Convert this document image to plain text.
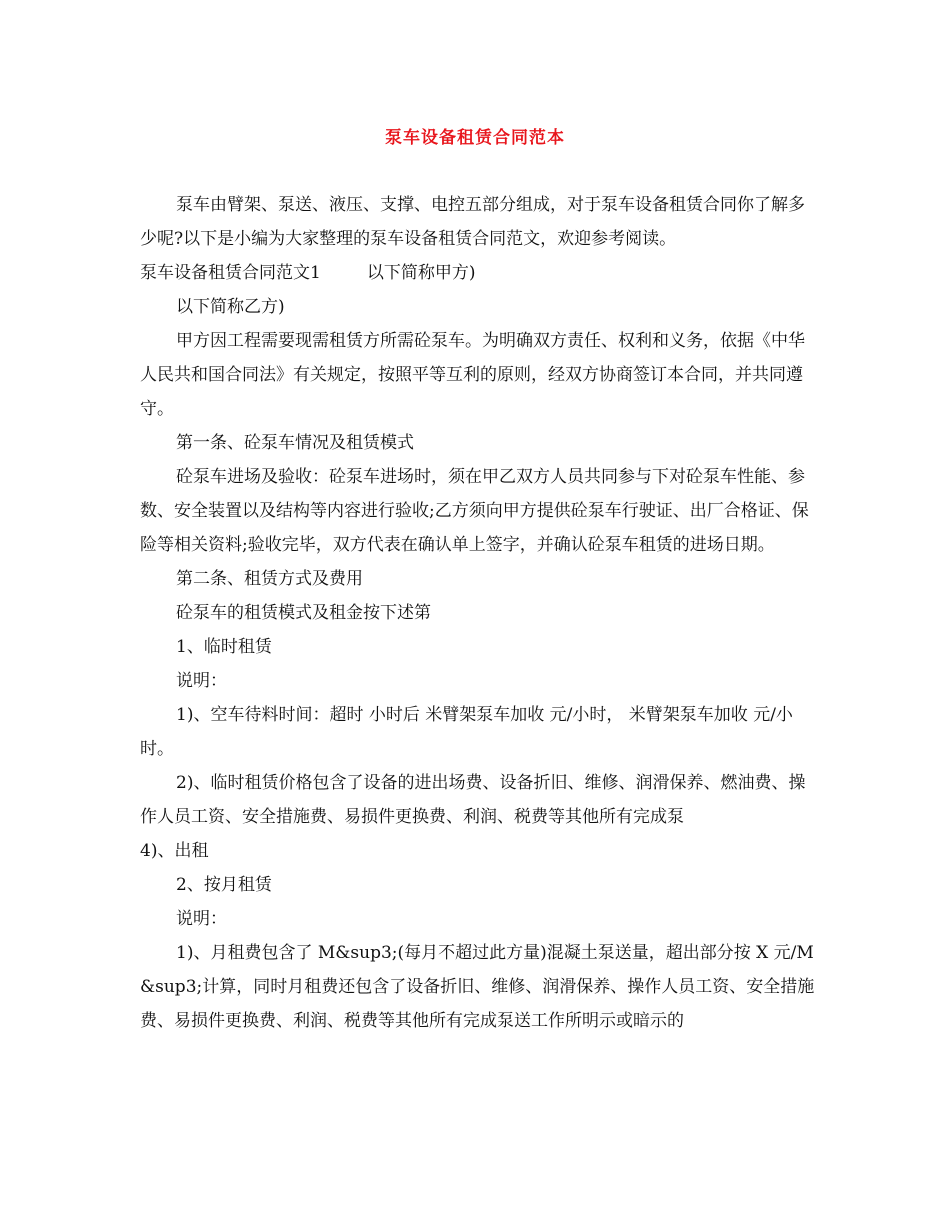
泵车设备租赁合同范本

泵车由臂架、泵送、液压、支撑、电控五部分组成，对于泵车设备租赁合同你了解多少呢?以下是小编为大家整理的泵车设备租赁合同范文，欢迎参考阅读。

泵车设备租赁合同范文1	以下简称甲方)

以下简称乙方)

甲方因工程需要现需租赁方所需砼泵车。为明确双方责任、权利和义务，依据《中华人民共和国合同法》有关规定，按照平等互利的原则，经双方协商签订本合同，并共同遵守。

第一条、砼泵车情况及租赁模式

砼泵车进场及验收：砼泵车进场时，须在甲乙双方人员共同参与下对砼泵车性能、参数、安全装置以及结构等内容进行验收;乙方须向甲方提供砼泵车行驶证、出厂合格证、保险等相关资料;验收完毕，双方代表在确认单上签字，并确认砼泵车租赁的进场日期。

第二条、租赁方式及费用

砼泵车的租赁模式及租金按下述第

1、临时租赁

说明：

1)、空车待料时间：超时 小时后 米臂架泵车加收 元/小时， 米臂架泵车加收 元/小时。

2)、临时租赁价格包含了设备的进出场费、设备折旧、维修、润滑保养、燃油费、操作人员工资、安全措施费、易损件更换费、利润、税费等其他所有完成泵

4)、出租

2、按月租赁

说明：

1)、月租费包含了 M&sup3;(每月不超过此方量)混凝土泵送量，超出部分按 X 元/M&sup3;计算，同时月租费还包含了设备折旧、维修、润滑保养、操作人员工资、安全措施费、易损件更换费、利润、税费等其他所有完成泵送工作所明示或暗示的
